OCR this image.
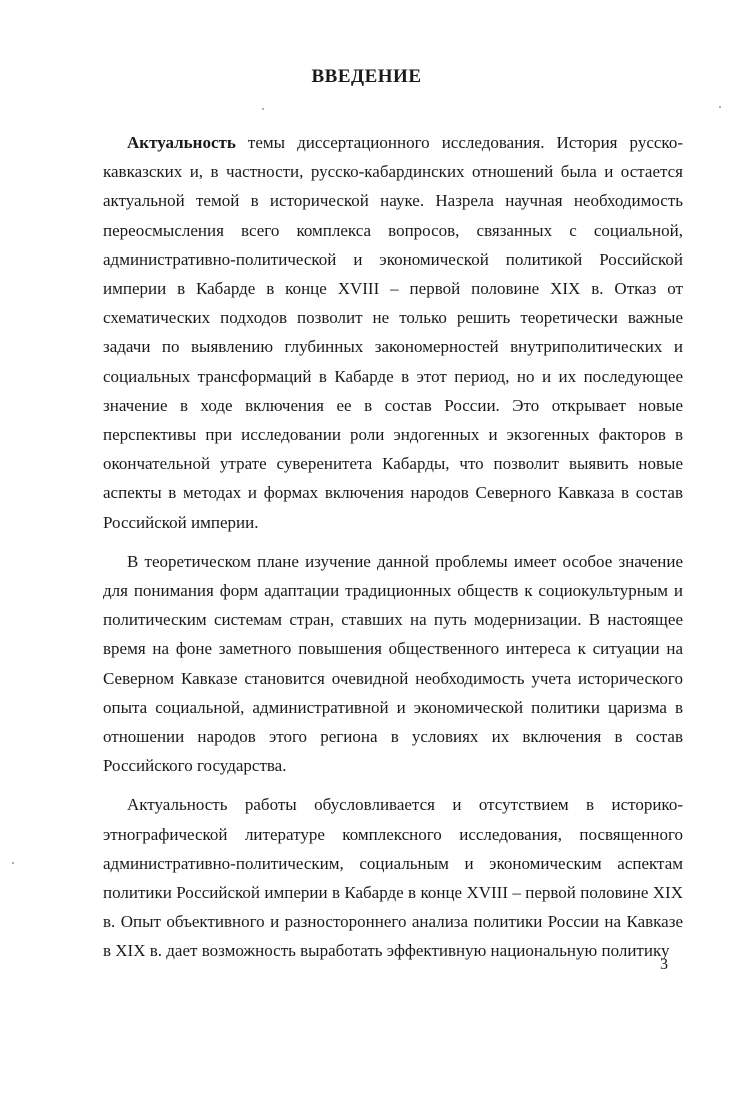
ВВЕДЕНИЕ

Актуальность темы диссертационного исследования. История русско-кавказских и, в частности, русско-кабардинских отношений была и остается актуальной темой в исторической науке. Назрела научная необходимость переосмысления всего комплекса вопросов, связанных с социальной, административно-политической и экономической политикой Российской империи в Кабарде в конце XVIII – первой половине XIX в. Отказ от схематических подходов позволит не только решить теоретически важные задачи по выявлению глубинных закономерностей внутриполитических и социальных трансформаций в Кабарде в этот период, но и их последующее значение в ходе включения ее в состав России. Это открывает новые перспективы при исследовании роли эндогенных и экзогенных факторов в окончательной утрате суверенитета Кабарды, что позволит выявить новые аспекты в методах и формах включения народов Северного Кавказа в состав Российской империи.

В теоретическом плане изучение данной проблемы имеет особое значение для понимания форм адаптации традиционных обществ к социокультурным и политическим системам стран, ставших на путь модернизации. В настоящее время на фоне заметного повышения общественного интереса к ситуации на Северном Кавказе становится очевидной необходимость учета исторического опыта социальной, административной и экономической политики царизма в отношении народов этого региона в условиях их включения в состав Российского государства.

Актуальность работы обусловливается и отсутствием в историко-этнографической литературе комплексного исследования, посвященного административно-политическим, социальным и экономическим аспектам политики Российской империи в Кабарде в конце XVIII – первой половине XIX в. Опыт объективного и разностороннего анализа политики России на Кавказе в XIX в. дает возможность выработать эффективную национальную политику

3
